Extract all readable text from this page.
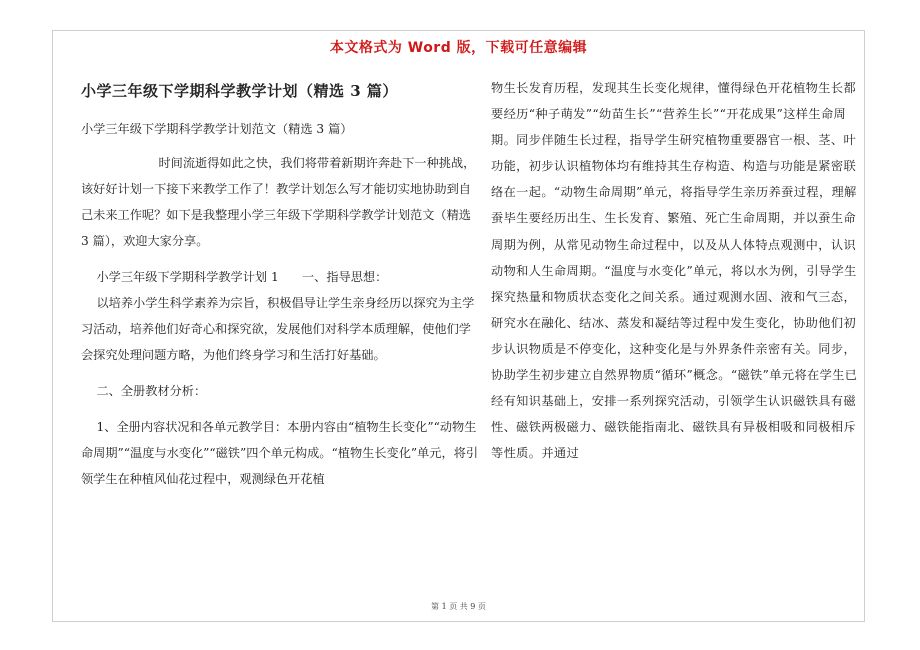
本文格式为 Word 版，下载可任意编辑
小学三年级下学期科学教学计划（精选 3 篇）

小学三年级下学期科学教学计划范文（精选 3 篇）

时间流逝得如此之快，我们将带着新期许奔赴下一种挑战，该好好计划一下接下来教学工作了！教学计划怎么写才能切实地协助到自己未来工作呢？如下是我整理小学三年级下学期科学教学计划范文（精选 3 篇），欢迎大家分享。

小学三年级下学期科学教学计划 1      一、指导思想：

以培养小学生科学素养为宗旨，积极倡导让学生亲身经历以探究为主学习活动，培养他们好奇心和探究欲，发展他们对科学本质理解，使他们学会探究处理问题方略，为他们终身学习和生活打好基础。

二、全册教材分析：

1、全册内容状况和各单元教学目：本册内容由“植物生长变化”“动物生命周期”“温度与水变化”“磁铁”四个单元构成。“植物生长变化”单元，将引领学生在种植风仙花过程中，观测绿色开花植

物生长发育历程，发现其生长变化规律，懂得绿色开花植物生长都要经历“种子萌发”“幼苗生长”“营养生长”“开花成果”这样生命周期。同步伴随生长过程，指导学生研究植物重要器官一根、茎、叶功能，初步认识植物体均有维持其生存构造、构造与功能是紧密联络在一起。“动物生命周期”单元，将指导学生亲历养蚕过程，理解蚕毕生要经历出生、生长发育、繁殖、死亡生命周期，并以蚕生命周期为例，从常见动物生命过程中，以及从人体特点观测中，认识动物和人生命周期。“温度与水变化”单元，将以水为例，引导学生探究热量和物质状态变化之间关系。通过观测水固、液和气三态，研究水在融化、结冰、蒸发和凝结等过程中发生变化，协助他们初步认识物质是不停变化，这种变化是与外界条件亲密有关。同步，协助学生初步建立自然界物质“循环”概念。“磁铁”单元将在学生已经有知识基础上，安排一系列探究活动，引领学生认识磁铁具有磁性、磁铁两极磁力、磁铁能指南北、磁铁具有异极相吸和同极相斥等性质。并通过

第 1 页 共 9 页
